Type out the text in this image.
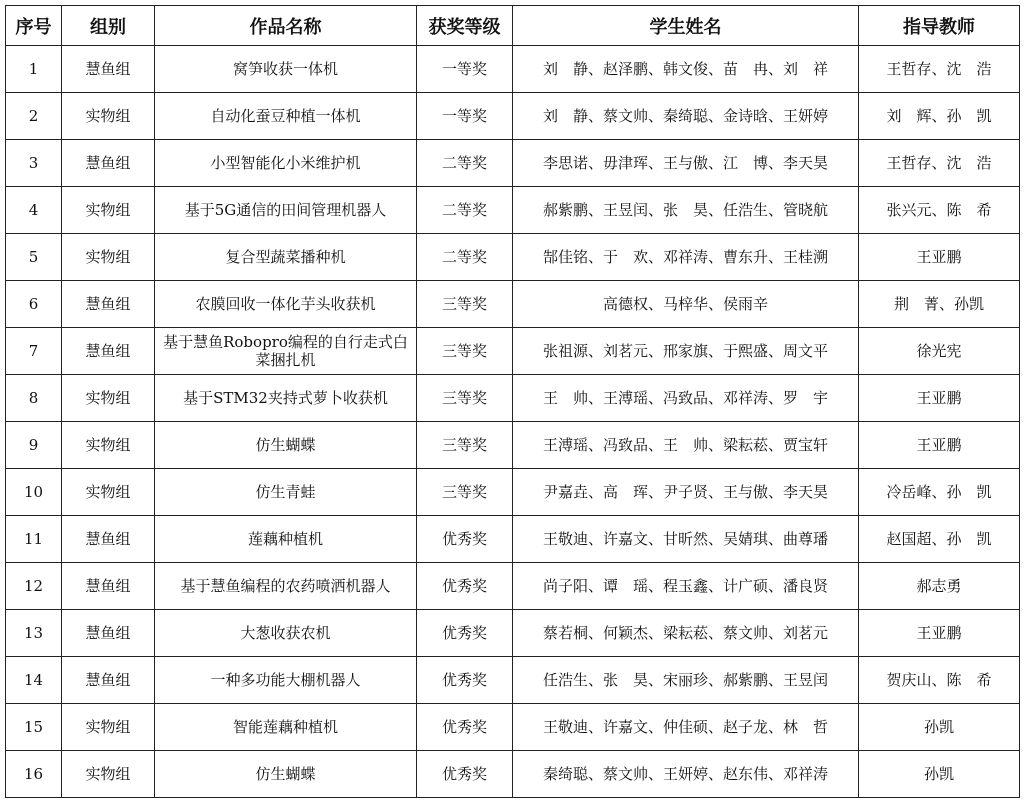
序号	组别	作品名称	获奖等级	学生姓名	指导教师
1	慧鱼组	窝笋收获一体机	一等奖	刘　静、赵泽鹏、韩文俊、苗　冉、刘　祥	王哲存、沈　浩
2	实物组	自动化蚕豆种植一体机	一等奖	刘　静、蔡文帅、秦绮聪、金诗晗、王妍婷	刘　辉、孙　凯
3	慧鱼组	小型智能化小米维护机	二等奖	李思诺、毋津珲、王与傲、江　博、李天昊	王哲存、沈　浩
4	实物组	基于5G通信的田间管理机器人	二等奖	郝紫鹏、王昱闰、张　昊、任浩生、管晓航	张兴元、陈　希
5	实物组	复合型蔬菜播种机	二等奖	郜佳铭、于　欢、邓祥涛、曹东升、王桂溯	王亚鹏
6	慧鱼组	农膜回收一体化芋头收获机	三等奖	高德权、马梓华、侯雨辛	荆　菁、孙凯
7	慧鱼组	基于慧鱼Robopro编程的自行走式白菜捆扎机	三等奖	张祖源、刘茗元、邢家旗、于熙盛、周文平	徐光宪
8	实物组	基于STM32夹持式萝卜收获机	三等奖	王　帅、王溥瑶、冯致品、邓祥涛、罗　宇	王亚鹏
9	实物组	仿生蝴蝶	三等奖	王溥瑶、冯致品、王　帅、梁耘菘、贾宝轩	王亚鹏
10	实物组	仿生青蛙	三等奖	尹嘉垚、高　珲、尹子贤、王与傲、李天昊	冷岳峰、孙　凯
11	慧鱼组	莲藕种植机	优秀奖	王敬迪、许嘉文、甘昕然、吴婧琪、曲尊璠	赵国超、孙　凯
12	慧鱼组	基于慧鱼编程的农药喷洒机器人	优秀奖	尚子阳、谭　瑶、程玉鑫、计广硕、潘良贤	郝志勇
13	慧鱼组	大葱收获农机	优秀奖	蔡若桐、何颖杰、梁耘菘、蔡文帅、刘茗元	王亚鹏
14	慧鱼组	一种多功能大棚机器人	优秀奖	任浩生、张　昊、宋丽珍、郝紫鹏、王昱闰	贺庆山、陈　希
15	实物组	智能莲藕种植机	优秀奖	王敬迪、许嘉文、仲佳硕、赵子龙、林　哲	孙凯
16	实物组	仿生蝴蝶	优秀奖	秦绮聪、蔡文帅、王妍婷、赵东伟、邓祥涛	孙凯
